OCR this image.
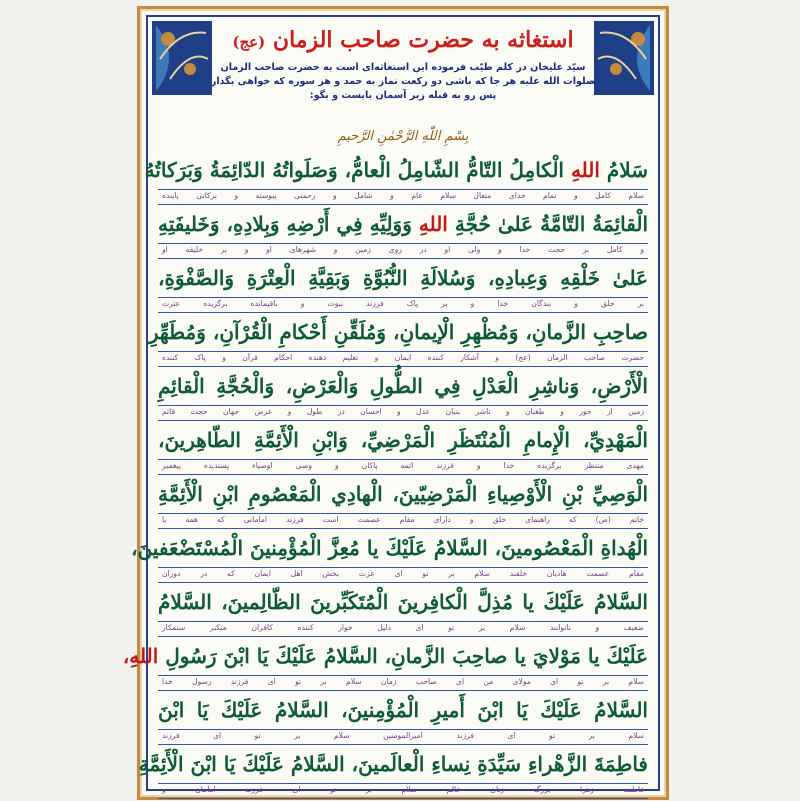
استغاثه به حضرت صاحب الزمان (عج)
سیّد علیخان در کلم طیّب فرموده این استغاثه‌ای است به حضرت صاحب الزمان صلوات الله علیه هر جا که باشی دو رکعت نماز به حمد و هر سوره که خواهی بگذار پس رو به قبله زیر آسمان بایست و بگو:
بِسْمِ اللّٰهِ الرَّحْمٰنِ الرَّحیمِ
سَلامُ اللهِ الْكامِلُ التّامُّ الشّامِلُ الْعامُّ، وَصَلَواتُهُ الدّائِمَةُ وَبَرَكاتُهُ
سلام کامل و تمام خدای متعال سلام عام و شامل و رحمتی پیوسته و برکاتی پاینده
الْقائِمَةُ التّامَّةُ عَلىٰ حُجَّةِ اللهِ وَوَلِيِّهِ فِي أَرْضِهِ وَبِلادِهِ، وَخَليفَتِهِ
و کامل بر حجت خدا و ولی او در روی زمین و شهرهای او و بر خلیفه او
عَلىٰ خَلْقِهِ وَعِبادِهِ، وَسُلالَةِ النُّبُوَّةِ وَبَقِيَّةِ الْعِتْرَةِ وَالصَّفْوَةِ،
بر خلق و بندگان خدا و بر پاک فرزند نبوت و باقیمانده برگزیده عترت
صاحِبِ الزَّمانِ، وَمُظْهِرِ الْإيمانِ، وَمُلَقِّنِ أَحْكامِ الْقُرْآنِ، وَمُطَهِّرِ
حضرت صاحب الزمان (عج) و آشکار کننده ایمان و تعلیم دهنده احکام قرآن و پاک کننده
الْأَرْضِ، وَناشِرِ الْعَدْلِ فِي الطُّولِ وَالْعَرْضِ، وَالْحُجَّةِ الْقائِمِ
زمین از جور و طغیان و ناشر بنیان عدل و احسان در طول و عرض جهان حجت قائم
الْمَهْدِيِّ، الْإِمامِ الْمُنْتَظَرِ الْمَرْضِيِّ، وَابْنِ الْأَئِمَّةِ الطّاهِرينَ،
مهدی منتظر برگزیده خدا و فرزند ائمه پاکان و وصی اوصیاء پسندیده پیغمبر
الْوَصِيِّ بْنِ الْأَوْصِياءِ الْمَرْضِيّينَ، الْهادِي الْمَعْصُومِ ابْنِ الْأَئِمَّةِ
خاتم (ص) که راهنمای خلق و دارای مقام عصمت است فرزند امامانی که همه یا
الْهُداةِ الْمَعْصُومينَ، السَّلامُ عَلَيْكَ يا مُعِزَّ الْمُؤْمِنينَ الْمُسْتَضْعَفينَ،
مقام عصمت هادیان خلقند سلام بر تو ای عزت بخش اهل ایمان که در دوران
السَّلامُ عَلَيْكَ يا مُذِلَّ الْكافِرينَ الْمُتَكَبِّرينَ الظّالِمينَ، السَّلامُ
ضعیف و ناتوانند سلام بر تو ای ذلیل خوار کننده کافران متکبر ستمکار
عَلَيْكَ يا مَوْلايَ يا صاحِبَ الزَّمانِ، السَّلامُ عَلَيْكَ يَا ابْنَ رَسُولِ اللهِ،
سلام بر تو ای مولای من ای صاحب زمان سلام بر تو ای فرزند رسول خدا
السَّلامُ عَلَيْكَ يَا ابْنَ أَميرِ الْمُؤْمِنينَ، السَّلامُ عَلَيْكَ يَا ابْنَ
سلام بر تو ای فرزند امیرالمومنین سلام بر تو ای فرزند
فاطِمَةَ الزَّهْراءِ سَيِّدَةِ نِساءِ الْعالَمينَ، السَّلامُ عَلَيْكَ يَا ابْنَ الْأَئِمَّةِ
فاطمه زهرا بزرگ زنان عالم سلام بر تو ای فرزند امامان و
